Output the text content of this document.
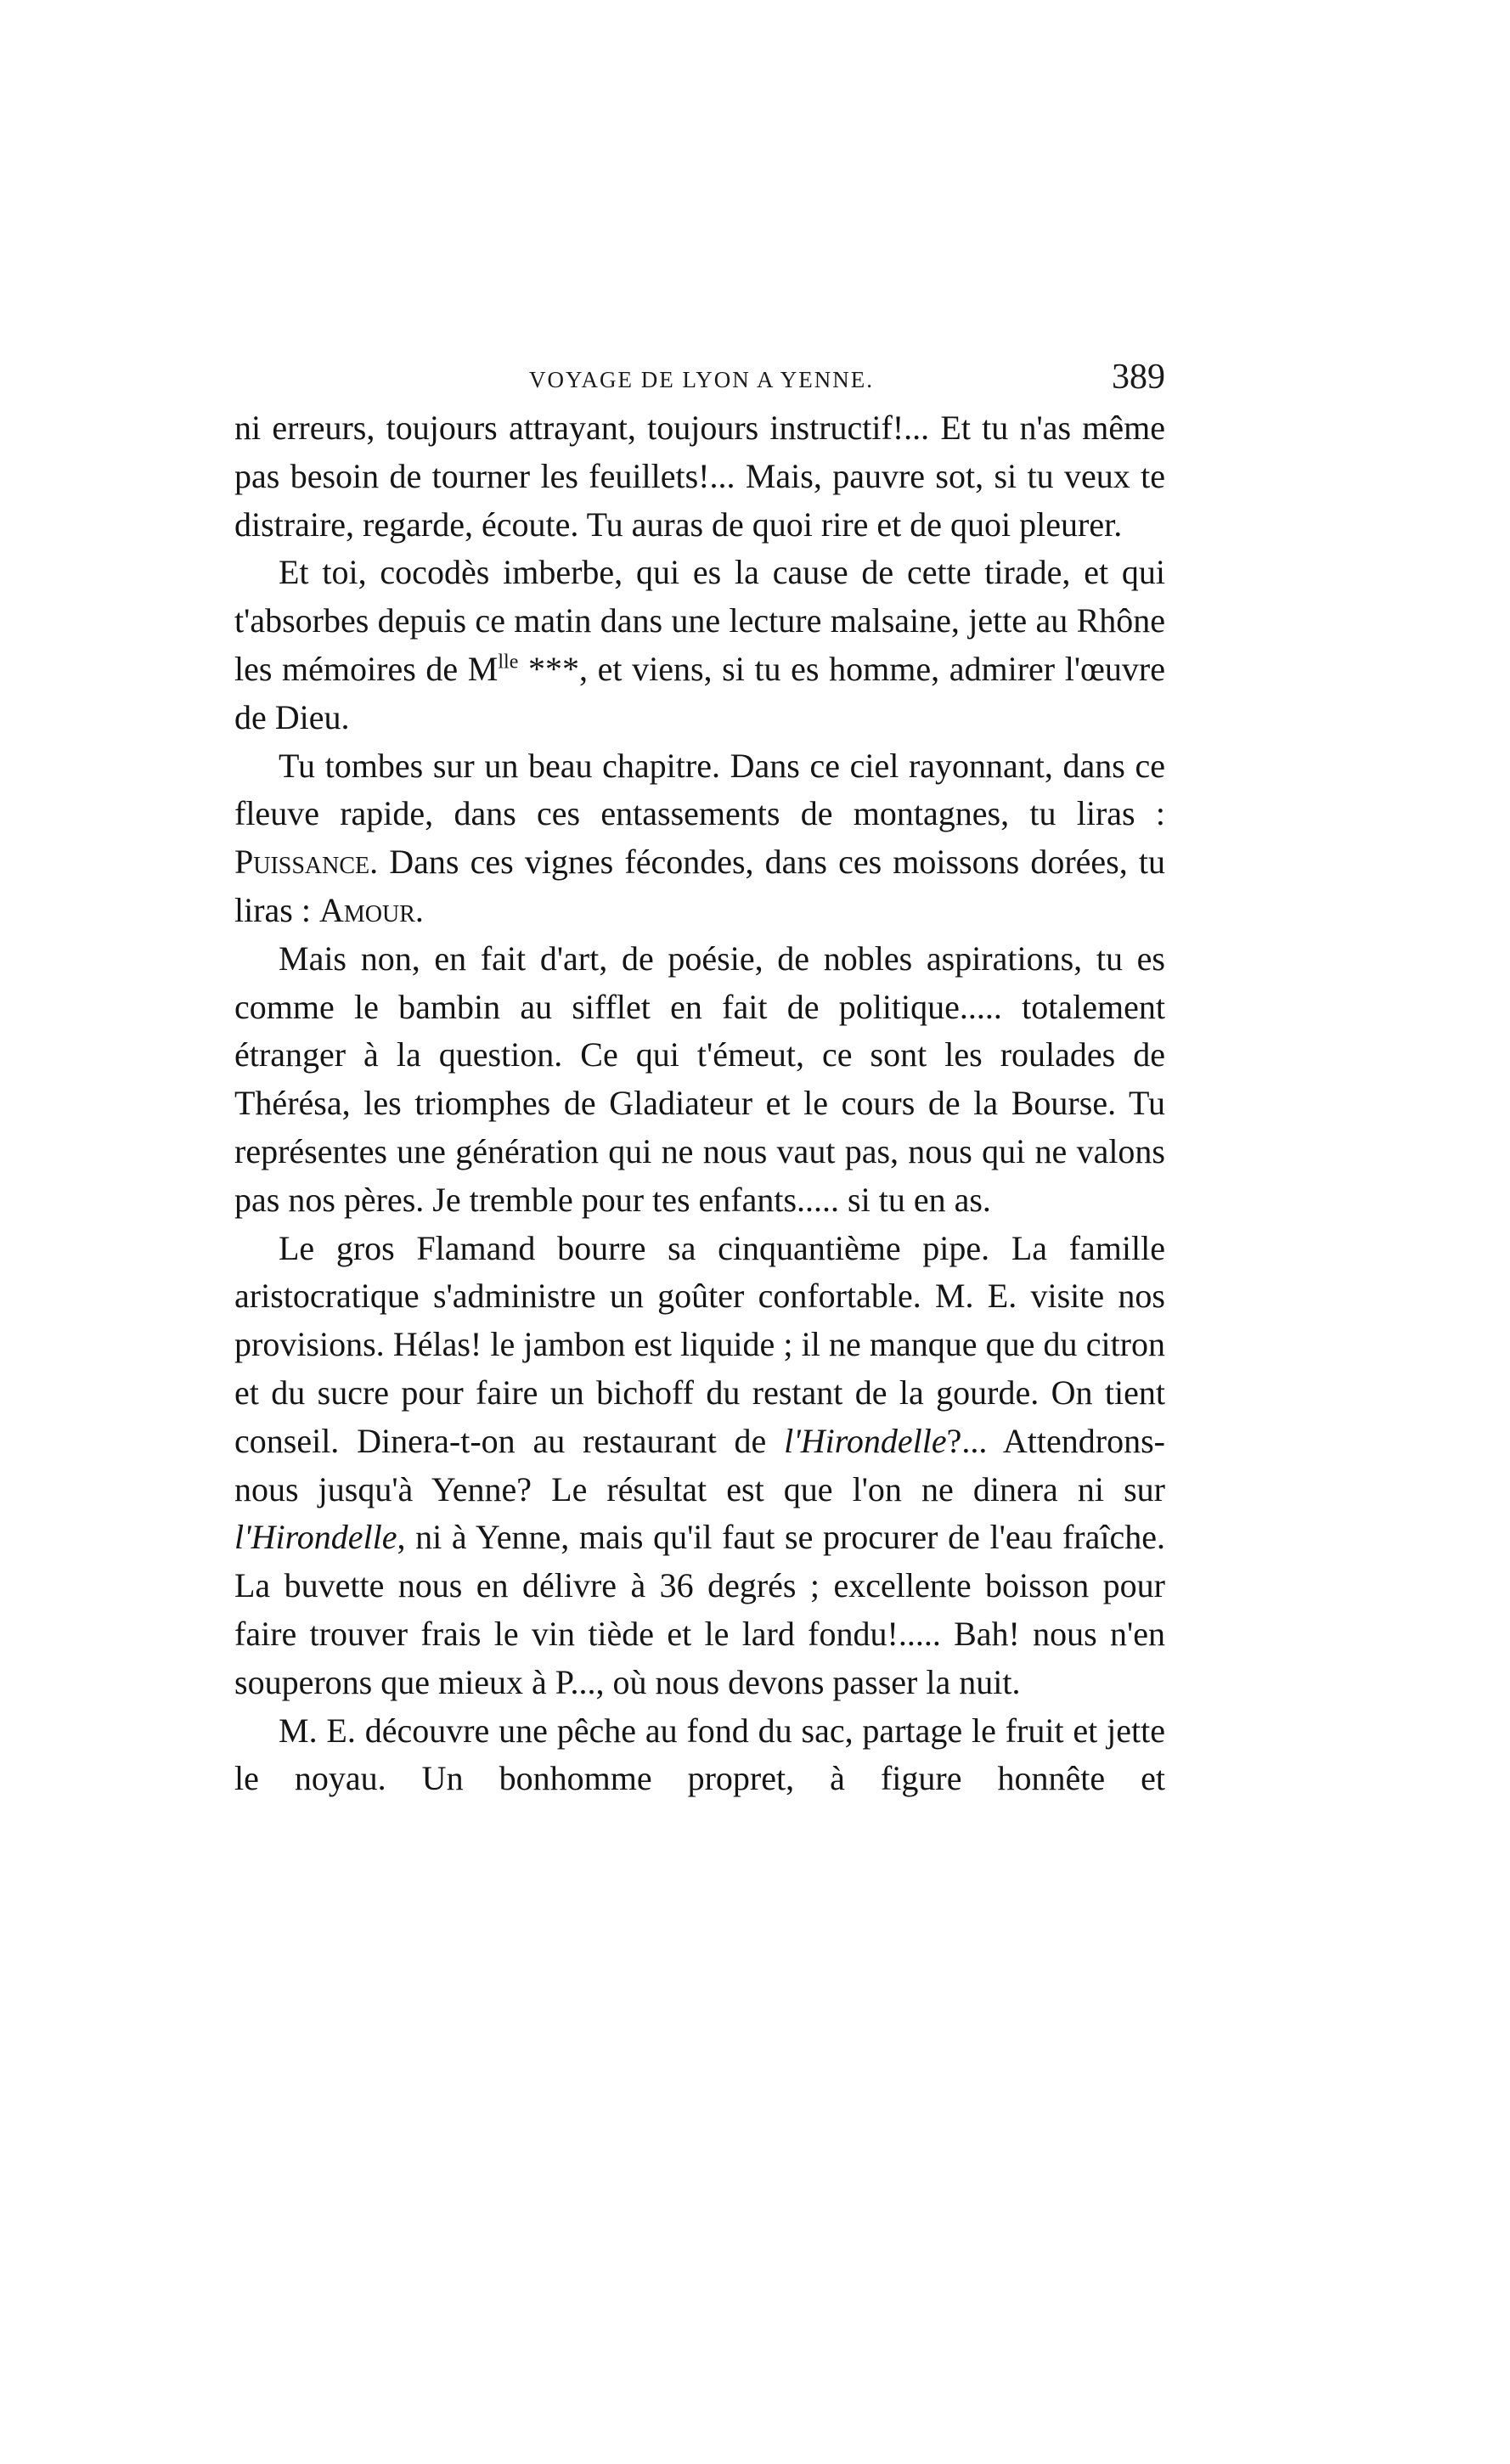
VOYAGE DE LYON A YENNE.	389

ni erreurs, toujours attrayant, toujours instructif!... Et tu n'as même pas besoin de tourner les feuillets!... Mais, pauvre sot, si tu veux te distraire, regarde, écoute. Tu auras de quoi rire et de quoi pleurer.

Et toi, cocodès imberbe, qui es la cause de cette tirade, et qui t'absorbes depuis ce matin dans une lecture malsaine, jette au Rhône les mémoires de $M^{lle}$ ***, et viens, si tu es homme, admirer l'œuvre de Dieu.

Tu tombes sur un beau chapitre. Dans ce ciel rayonnant, dans ce fleuve rapide, dans ces entassements de montagnes, tu liras : Puissance. Dans ces vignes fécondes, dans ces moissons dorées, tu liras : Amour.

Mais non, en fait d'art, de poésie, de nobles aspirations, tu es comme le bambin au sifflet en fait de politique..... totalement étranger à la question. Ce qui t'émeut, ce sont les roulades de Thérésa, les triomphes de Gladiateur et le cours de la Bourse. Tu représentes une génération qui ne nous vaut pas, nous qui ne valons pas nos pères. Je tremble pour tes enfants..... si tu en as.

Le gros Flamand bourre sa cinquantième pipe. La famille aristocratique s'administre un goûter confortable. M. E. visite nos provisions. Hélas! le jambon est liquide ; il ne manque que du citron et du sucre pour faire un bichoff du restant de la gourde. On tient conseil. Dinera-t-on au restaurant de l'Hirondelle?... Attendrons-nous jusqu'à Yenne? Le résultat est que l'on ne dinera ni sur l'Hirondelle, ni à Yenne, mais qu'il faut se procurer de l'eau fraîche. La buvette nous en délivre à 36 degrés ; excellente boisson pour faire trouver frais le vin tiède et le lard fondu!..... Bah! nous n'en souperons que mieux à P..., où nous devons passer la nuit.

M. E. découvre une pêche au fond du sac, partage le fruit et jette le noyau. Un bonhomme propret, à figure honnête et
